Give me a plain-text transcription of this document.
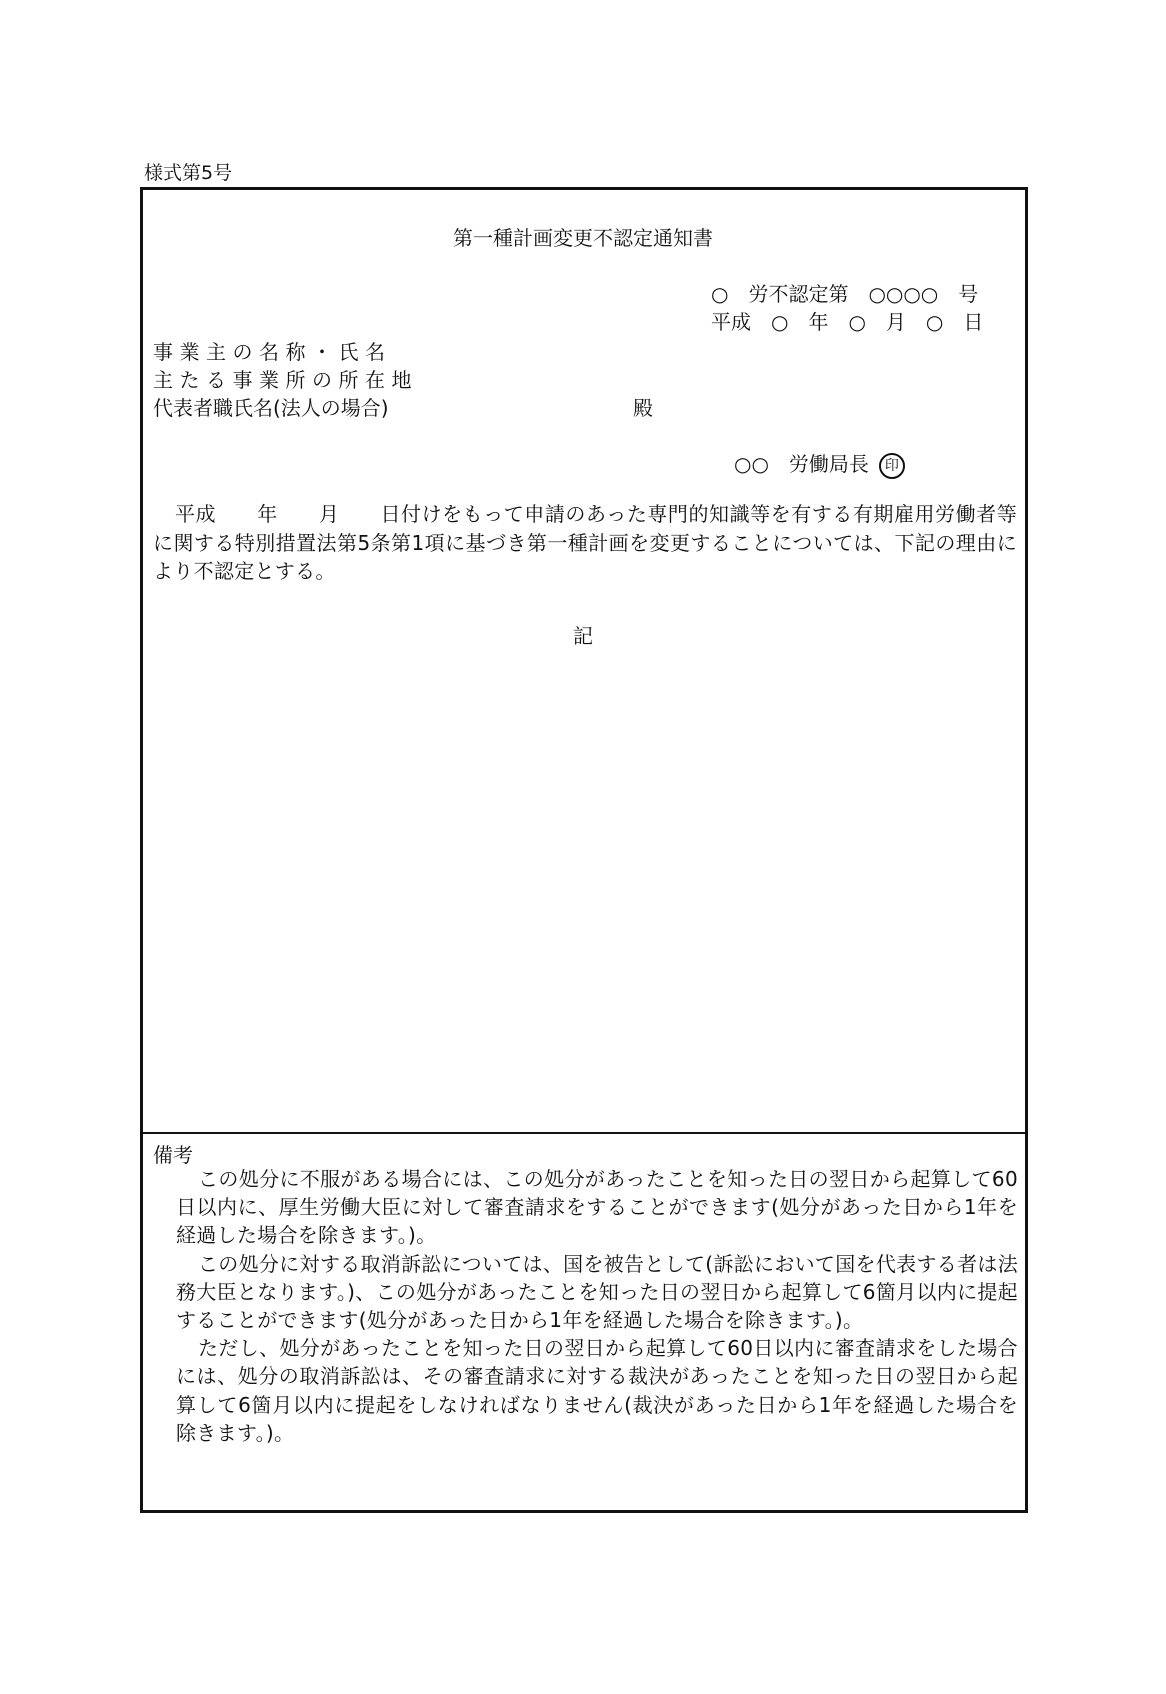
様式第5号
第一種計画変更不認定通知書
○　労不認定第　○○○○　号
平成　○　年　○　月　○　日
事業主の名称・氏名
主たる事業所の所在地
代表者職氏名(法人の場合)	殿
○○　労働局長 印
平成　　年　　月　　日付けをもって申請のあった専門的知識等を有する有期雇用労働者等に関する特別措置法第5条第1項に基づき第一種計画を変更することについては、下記の理由により不認定とする。
記
備考

この処分に不服がある場合には、この処分があったことを知った日の翌日から起算して60日以内に、厚生労働大臣に対して審査請求をすることができます(処分があった日から1年を経過した場合を除きます。)。

この処分に対する取消訴訟については、国を被告として(訴訟において国を代表する者は法務大臣となります。)、この処分があったことを知った日の翌日から起算して6箇月以内に提起することができます(処分があった日から1年を経過した場合を除きます。)。

ただし、処分があったことを知った日の翌日から起算して60日以内に審査請求をした場合には、処分の取消訴訟は、その審査請求に対する裁決があったことを知った日の翌日から起算して6箇月以内に提起をしなければなりません(裁決があった日から1年を経過した場合を除きます。)。
